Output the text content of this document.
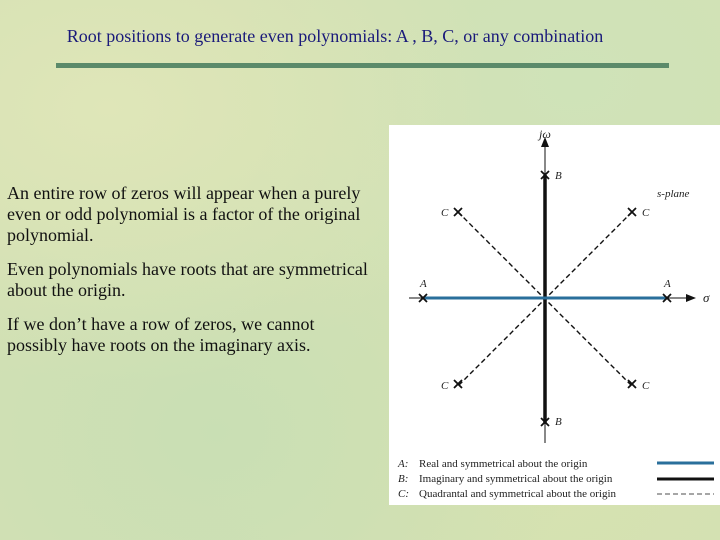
Root positions to generate even polynomials: A , B, C, or any combination

An entire row of zeros will appear when a purely even or odd polynomial is a factor of the original polynomial.

Even polynomials have roots that are symmetrical about the origin.

If we don’t have a row of zeros, we cannot possibly have roots on the imaginary axis.

jω
σ
s-plane
A	A
B
B
C	C
C	C
A: Real and symmetrical about the origin
B: Imaginary and symmetrical about the origin
C: Quadrantal and symmetrical about the origin
